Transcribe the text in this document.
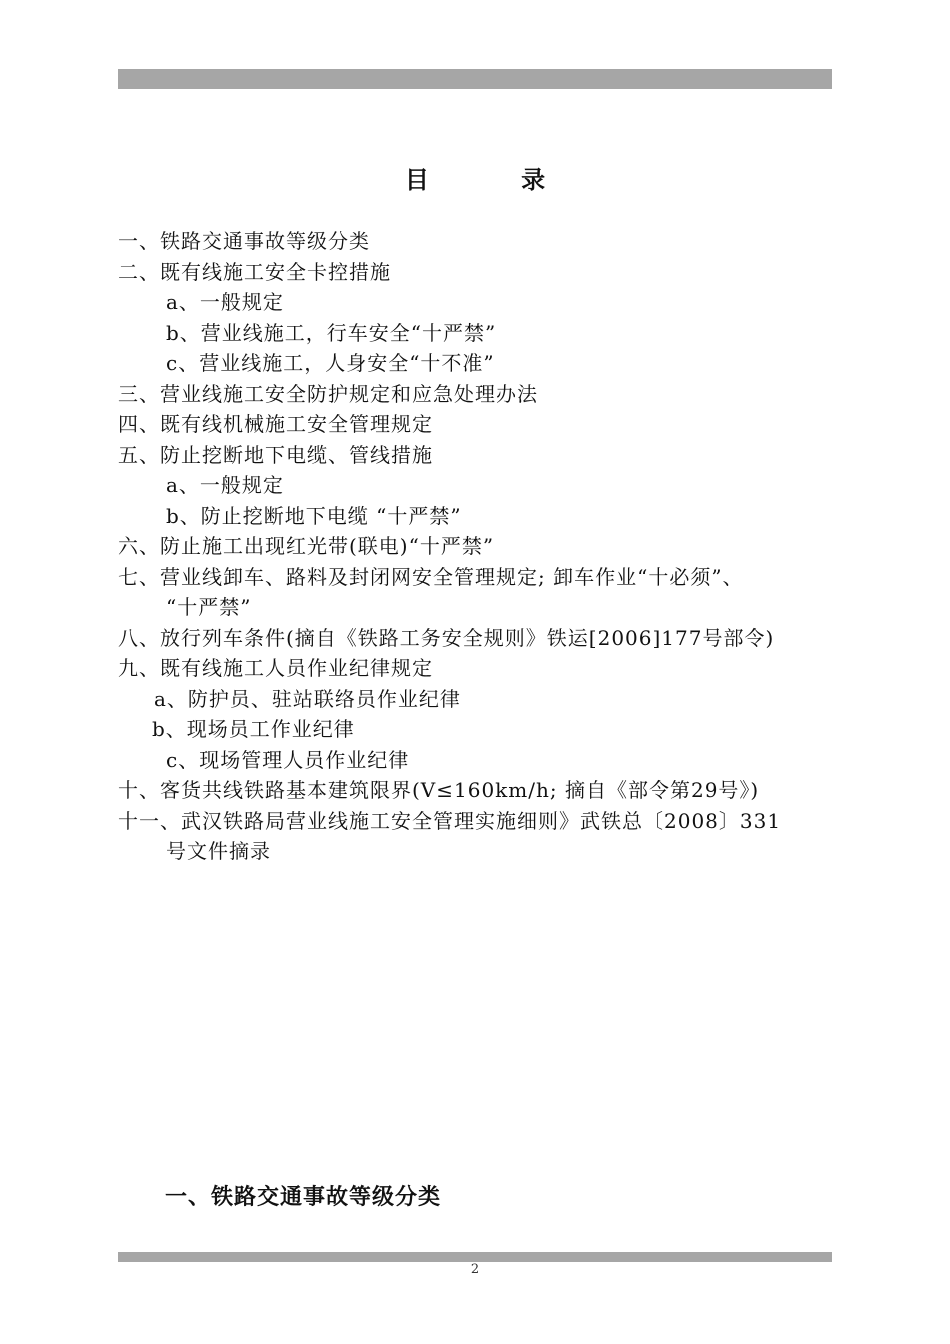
目 录
一、铁路交通事故等级分类
二、既有线施工安全卡控措施
a、一般规定
b、营业线施工，行车安全“十严禁”
c、营业线施工，人身安全“十不准”
三、营业线施工安全防护规定和应急处理办法
四、既有线机械施工安全管理规定
五、防止挖断地下电缆、管线措施
a、一般规定
b、防止挖断地下电缆 “十严禁”
六、防止施工出现红光带(联电)“十严禁”
七、营业线卸车、路料及封闭网安全管理规定; 卸车作业“十必须”、
“十严禁”
八、放行列车条件(摘自《铁路工务安全规则》铁运[2006]177号部令)
九、既有线施工人员作业纪律规定
a、防护员、驻站联络员作业纪律
b、现场员工作业纪律
c、现场管理人员作业纪律
十、客货共线铁路基本建筑限界(V≤160km/h; 摘自《部令第29号》)
十一、武汉铁路局营业线施工安全管理实施细则》武铁总〔2008〕331
号文件摘录
一、铁路交通事故等级分类
2
